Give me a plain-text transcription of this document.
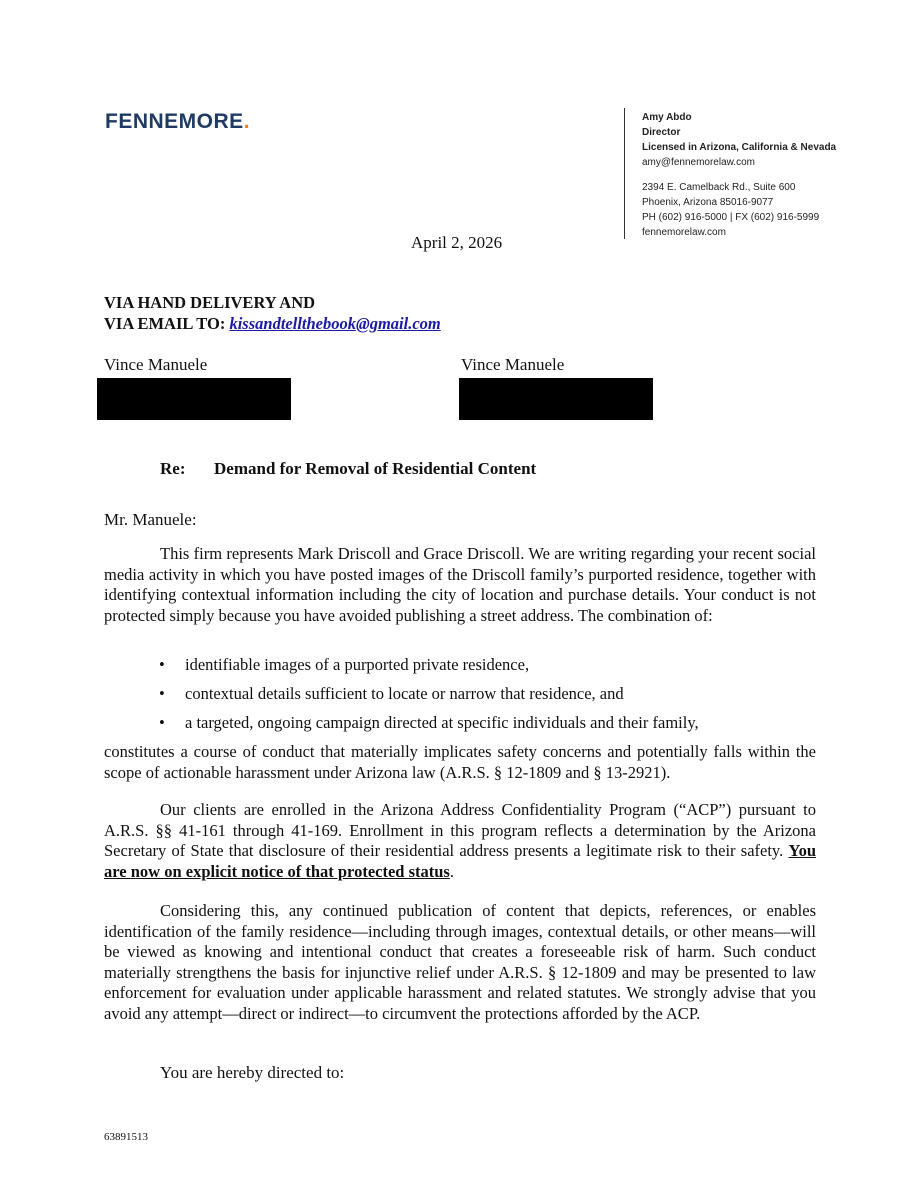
FENNEMORE.	Amy Abdo
Director
Licensed in Arizona, California & Nevada
amy@fennemorelaw.com
2394 E. Camelback Rd., Suite 600
Phoenix, Arizona 85016-9077
PH (602) 916-5000 | FX (602) 916-5999
fennemorelaw.com
April 2, 2026
VIA HAND DELIVERY AND
VIA EMAIL TO: kissandtellthebook@gmail.com
Vince Manuele	Vince Manuele
Re: Demand for Removal of Residential Content
Mr. Manuele:
This firm represents Mark Driscoll and Grace Driscoll. We are writing regarding your recent social media activity in which you have posted images of the Driscoll family’s purported residence, together with identifying contextual information including the city of location and purchase details. Your conduct is not protected simply because you have avoided publishing a street address. The combination of:
• identifiable images of a purported private residence,
• contextual details sufficient to locate or narrow that residence, and
• a targeted, ongoing campaign directed at specific individuals and their family,
constitutes a course of conduct that materially implicates safety concerns and potentially falls within the scope of actionable harassment under Arizona law (A.R.S. § 12-1809 and § 13-2921).
Our clients are enrolled in the Arizona Address Confidentiality Program (“ACP”) pursuant to A.R.S. §§ 41-161 through 41-169. Enrollment in this program reflects a determination by the Arizona Secretary of State that disclosure of their residential address presents a legitimate risk to their safety. You are now on explicit notice of that protected status.
Considering this, any continued publication of content that depicts, references, or enables identification of the family residence—including through images, contextual details, or other means—will be viewed as knowing and intentional conduct that creates a foreseeable risk of harm. Such conduct materially strengthens the basis for injunctive relief under A.R.S. § 12-1809 and may be presented to law enforcement for evaluation under applicable harassment and related statutes. We strongly advise that you avoid any attempt—direct or indirect—to circumvent the protections afforded by the ACP.
You are hereby directed to:
63891513
